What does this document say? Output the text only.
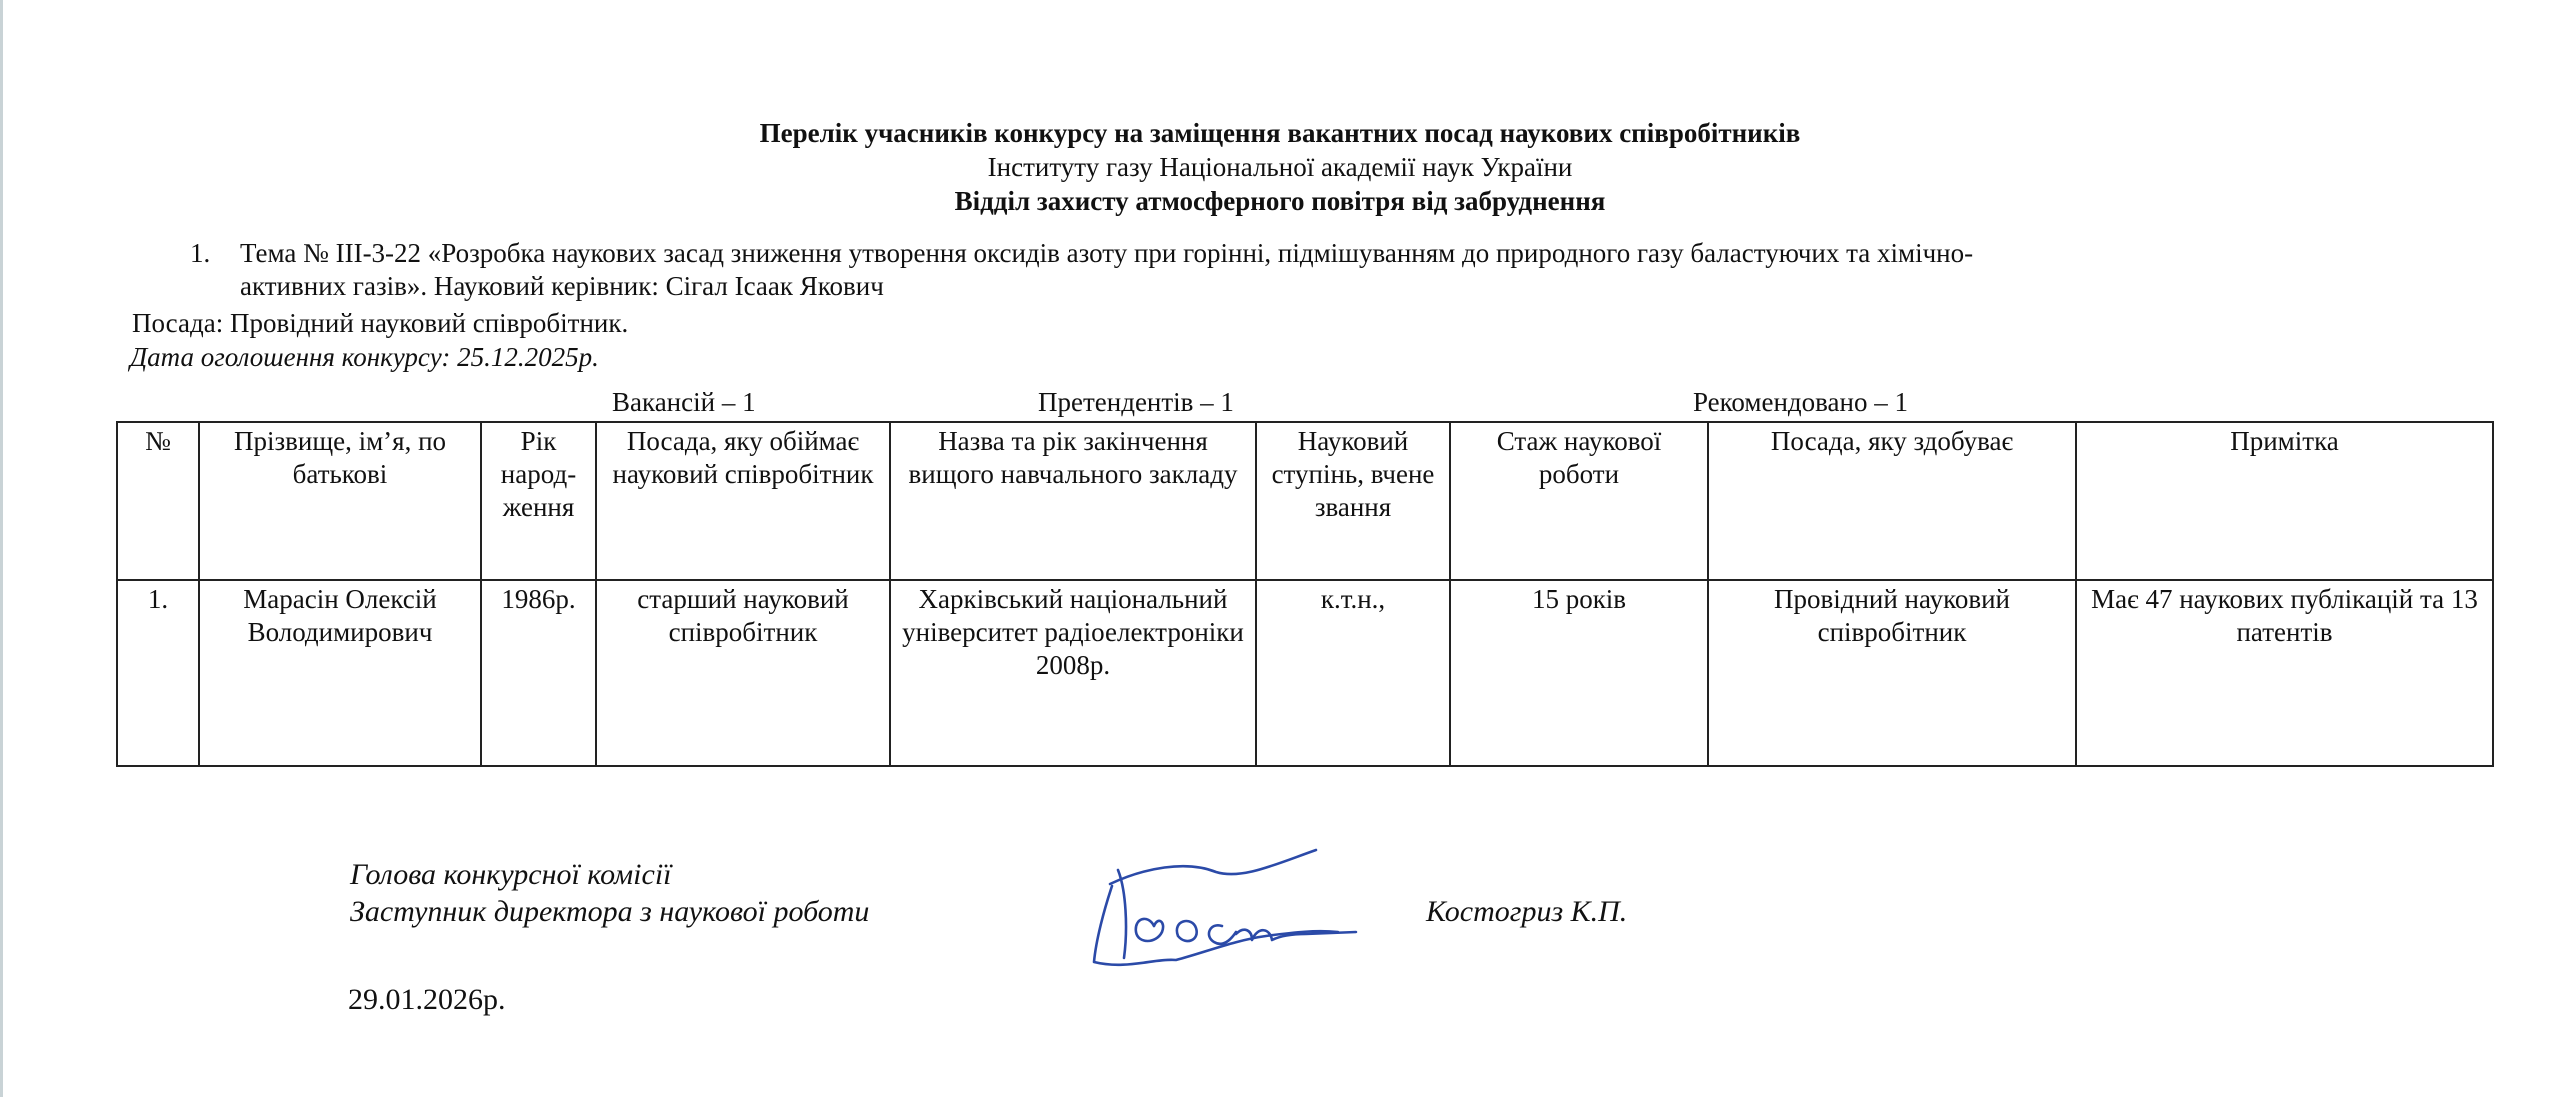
Перелік учасників конкурсу на заміщення вакантних посад наукових співробітників
Інституту газу Національної академії наук України
Відділ захисту атмосферного повітря від забруднення
1.	Тема № ІІІ-3-22 «Розробка наукових засад зниження утворення оксидів азоту при горінні, підмішуванням до природного газу баластуючих та хімічно-
активних газів». Науковий керівник: Сігал Ісаак Якович
Посада: Провідний науковий співробітник.
Дата оголошення конкурсу: 25.12.2025р.
Вакансій – 1	Претендентів – 1	Рекомендовано – 1
№	Прізвище, ім’я, по батькові	Рік народ-ження	Посада, яку обіймає науковий співробітник	Назва та рік закінчення вищого навчального закладу	Науковий ступінь, вчене звання	Стаж наукової роботи	Посада, яку здобуває	Примітка
1.	Марасін Олексій Володимирович	1986р.	старший науковий співробітник	Харківський національний університет радіоелектроніки 2008р.	к.т.н.,	15 років	Провідний науковий співробітник	Має 47 наукових публікацій та 13 патентів
Голова конкурсної комісії
Заступник директора з наукової роботи	Костогриз К.П.
29.01.2026р.
